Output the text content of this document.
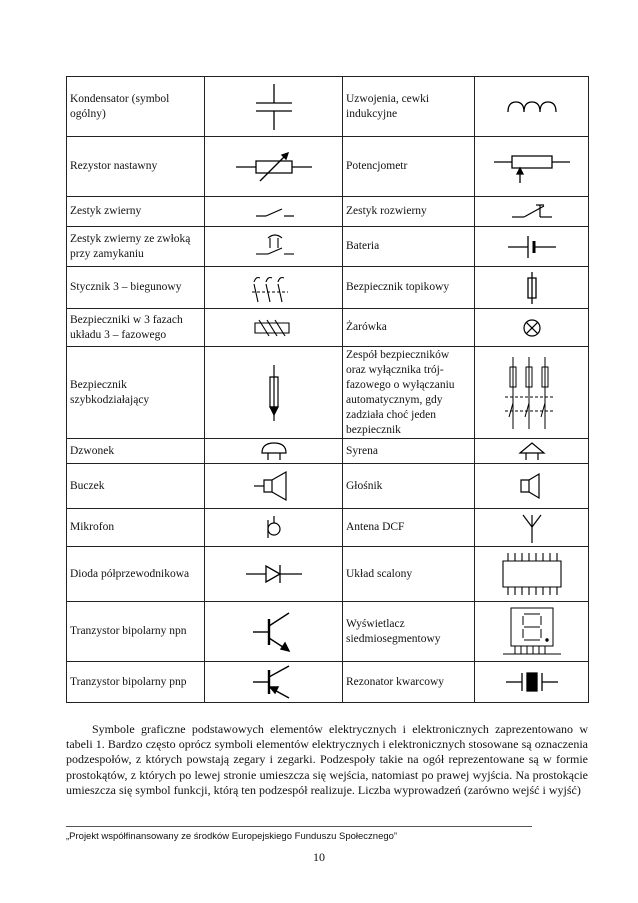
Kondensator (symbol ogólny)		Uzwojenia, cewki indukcyjne	

Rezystor nastawny		Potencjometr	

Zestyk zwierny		Zestyk rozwierny	

Zestyk zwierny ze zwłoką przy zamykaniu		Bateria	

Stycznik 3 – biegunowy		Bezpiecznik topikowy	

Bezpieczniki w 3 fazach układu 3 – fazowego		Żarówka	

Bezpiecznik szybkodziałający		Zespół bezpieczników oraz wyłącznika trój-fazowego o wyłączaniu automatycznym, gdy zadziała choć jeden bezpiecznik	

Dzwonek		Syrena	

Buczek		Głośnik	

Mikrofon		Antena DCF	

Dioda półprzewodnikowa		Układ scalony	

Tranzystor bipolarny npn		Wyświetlacz siedmiosegmentowy	

Tranzystor bipolarny pnp		Rezonator kwarcowy	

Symbole graficzne podstawowych elementów elektrycznych i elektronicznych zaprezentowano w tabeli 1. Bardzo często oprócz symboli elementów elektrycznych i elektronicznych stosowane są oznaczenia podzespołów, z których powstają zegary i zegarki. Podzespoły takie na ogół reprezentowane są w formie prostokątów, z których po lewej stronie umieszcza się wejścia, natomiast po prawej wyjścia. Na prostokącie umieszcza się symbol funkcji, którą ten podzespół realizuje. Liczba wyprowadzeń (zarówno wejść i wyjść)

„Projekt współfinansowany ze środków Europejskiego Funduszu Społecznego”
10
